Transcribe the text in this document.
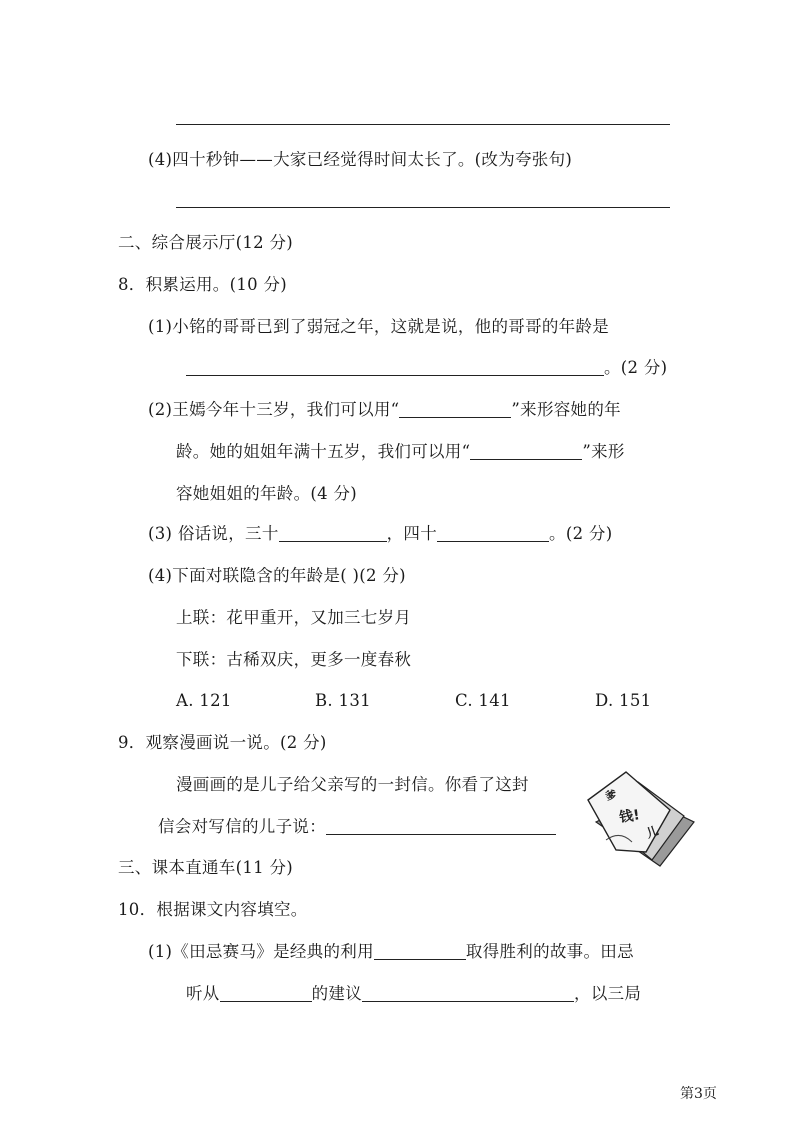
(4)四十秒钟——大家已经觉得时间太长了。(改为夸张句)
二、综合展示厅(12 分)
8．积累运用。(10 分)
(1)小铭的哥哥已到了弱冠之年，这就是说，他的哥哥的年龄是
。(2 分)
(2)王嫣今年十三岁，我们可以用“	”来形容她的年
龄。她的姐姐年满十五岁，我们可以用“	”来形
容她姐姐的年龄。(4 分)
(3) 俗话说，三十	，四十	。(2 分)
(4)下面对联隐含的年龄是( )(2 分)
上联：花甲重开，又加三七岁月
下联：古稀双庆，更多一度春秋
A. 121	B. 131	C. 141	D. 151
9．观察漫画说一说。(2 分)
漫画画的是儿子给父亲写的一封信。你看了这封
信会对写信的儿子说：
爹
钱!
儿
三、课本直通车(11 分)
10．根据课文内容填空。
(1)《田忌赛马》是经典的利用	取得胜利的故事。田忌
听从	的建议	，以三局
第3页
